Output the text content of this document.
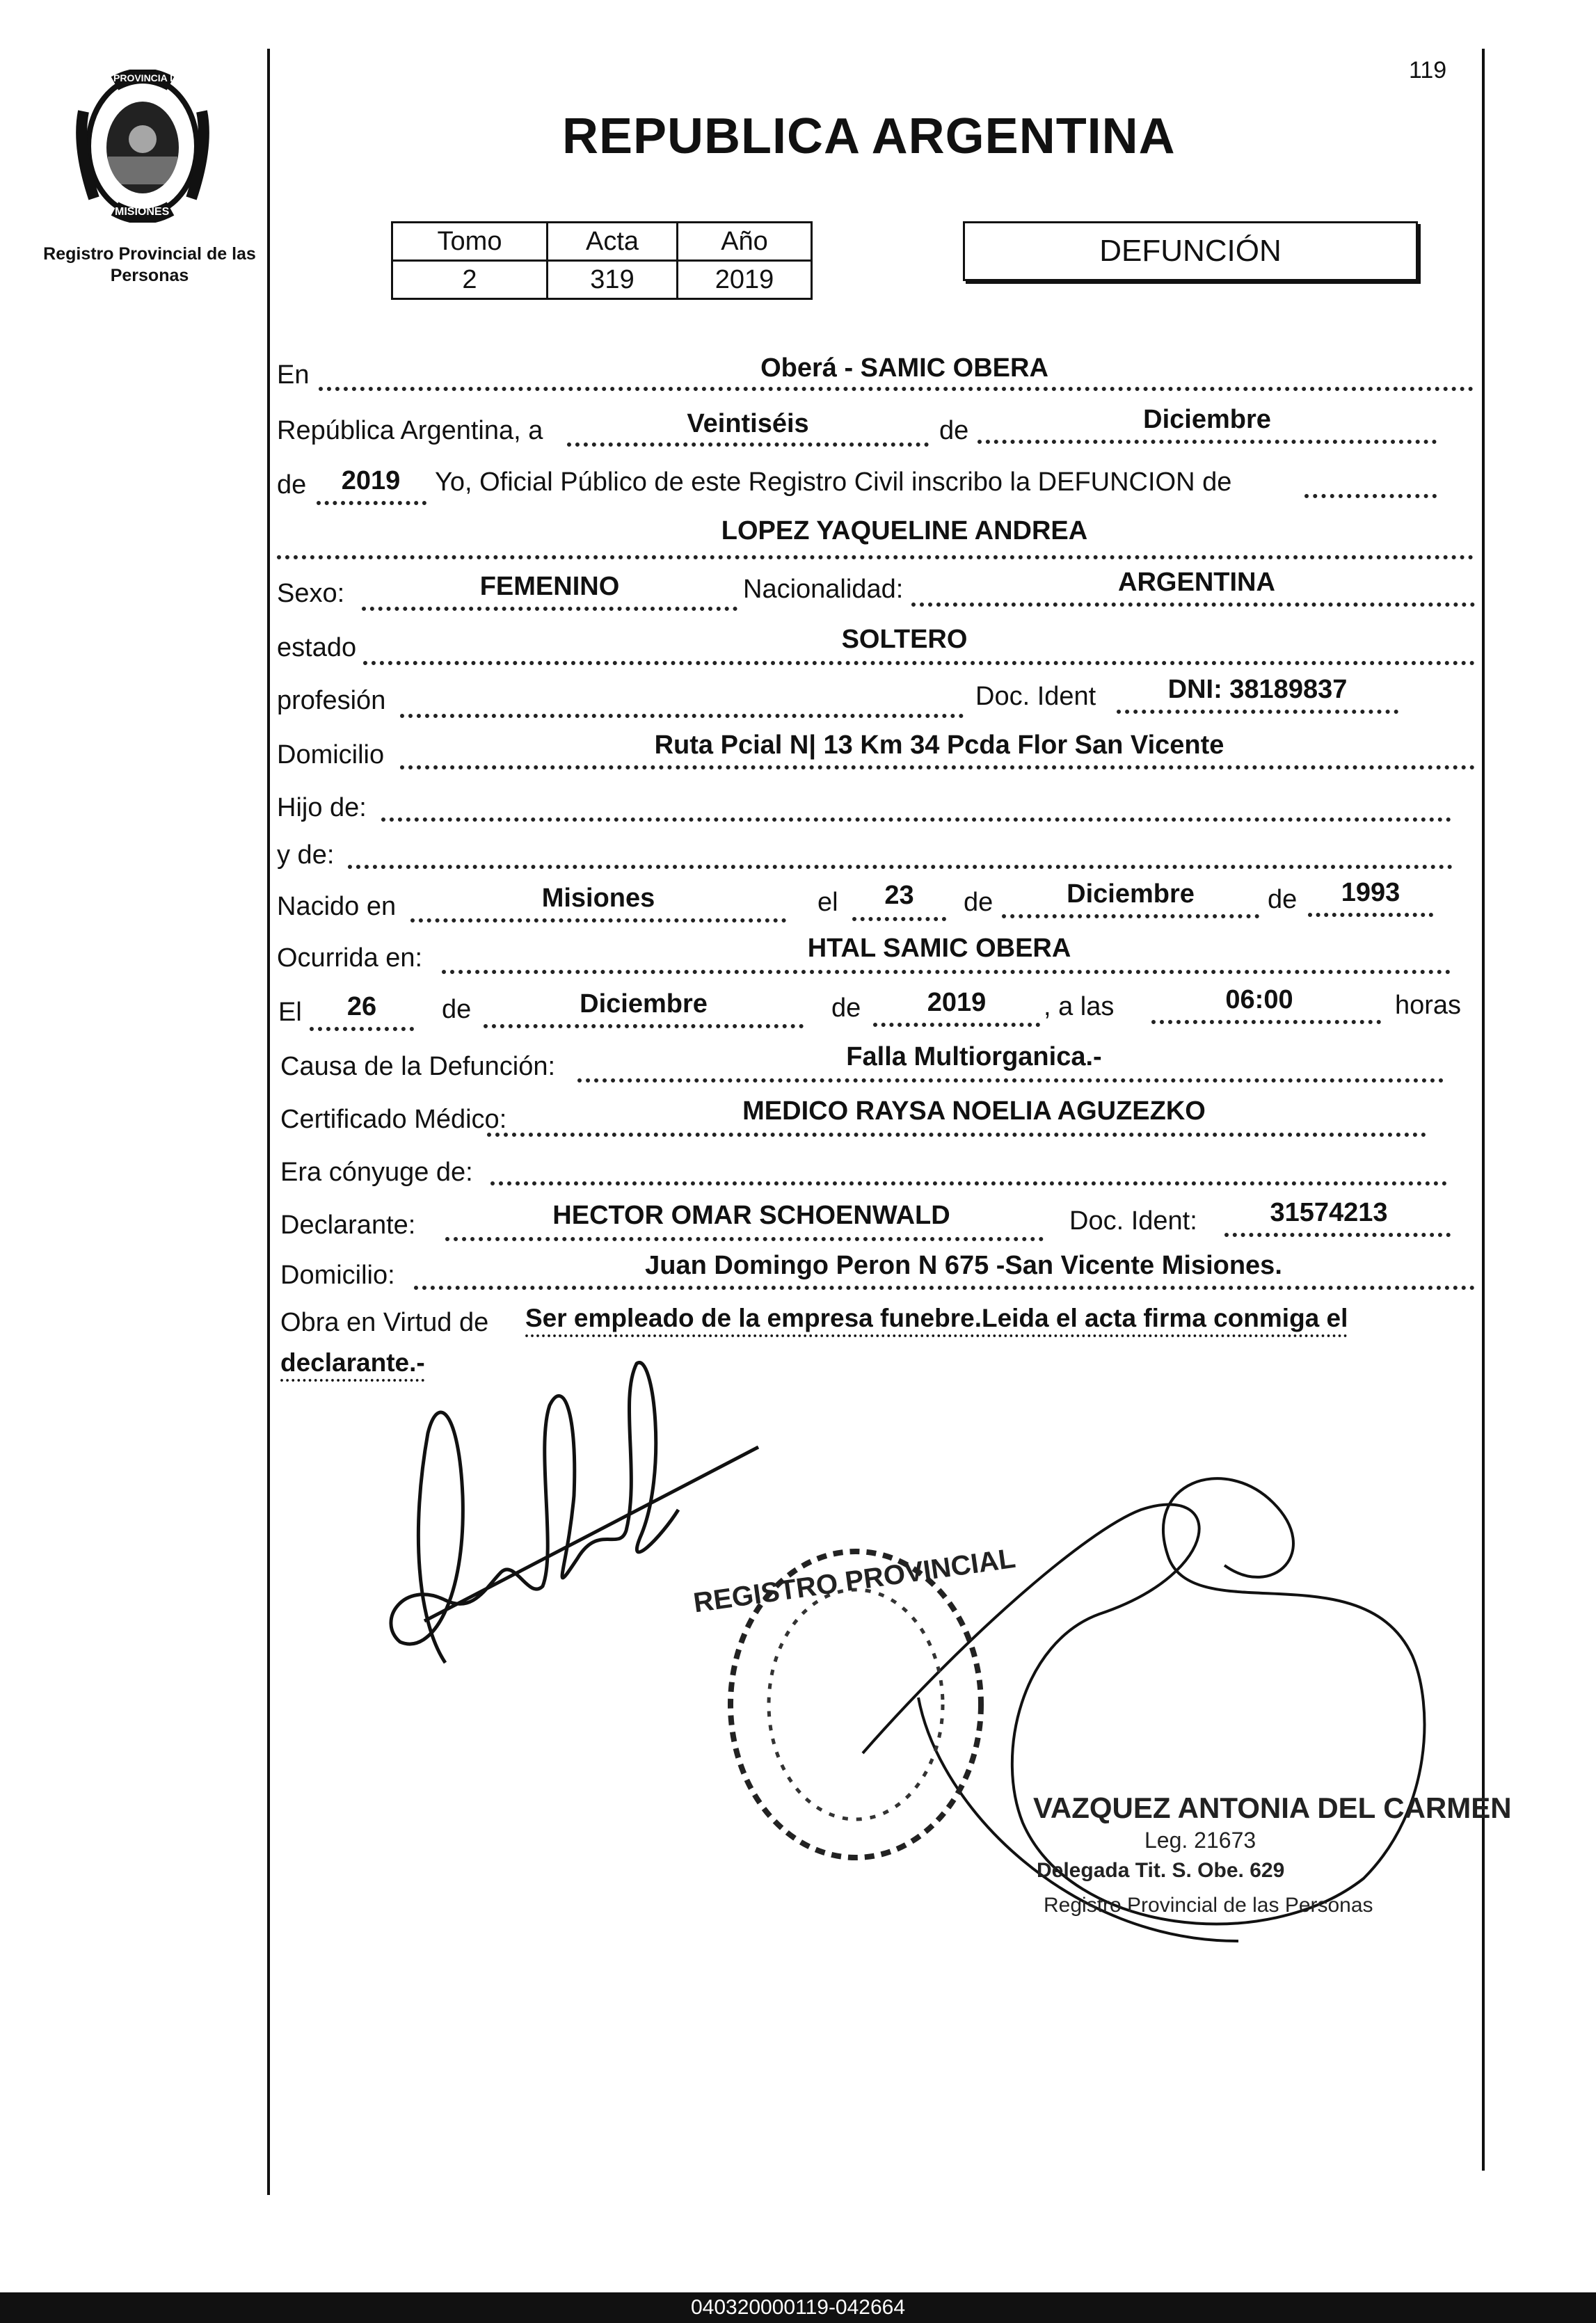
PROVINCIA DE
MISIONES
Registro Provincial de las Personas
119
REPUBLICA ARGENTINA
Tomo	Acta	Año
2	319	2019
DEFUNCIÓN
En	Oberá - SAMIC OBERA
República Argentina, a	Veintiséis	de	Diciembre
de	2019	Yo, Oficial Público de este Registro Civil inscribo la DEFUNCION de
LOPEZ YAQUELINE ANDREA
Sexo:	FEMENINO	Nacionalidad:	ARGENTINA
estado	SOLTERO
profesión	Doc. Ident	DNI: 38189837
Domicilio	Ruta Pcial N| 13 Km 34 Pcda Flor San Vicente
Hijo de:
y de:
Nacido en	Misiones	el	23	de	Diciembre	de	1993
Ocurrida en:	HTAL SAMIC OBERA
El	26	de	Diciembre	de	2019	, a las	06:00	horas
Causa de la Defunción:	Falla Multiorganica.-
Certificado Médico:	MEDICO RAYSA NOELIA AGUZEZKO
Era cónyuge de:
Declarante:	HECTOR OMAR SCHOENWALD	Doc. Ident:	31574213
Domicilio:	Juan Domingo Peron N 675 -San Vicente Misiones.
Obra en Virtud de Ser empleado de la empresa funebre.Leida el acta firma conmiga el
declarante.-
REGISTRO PROVINCIAL
VAZQUEZ ANTONIA DEL CARMEN
Leg. 21673
Delegada Tit. S. Obe. 629
Registro Provincial de las Personas
040320000119-042664
